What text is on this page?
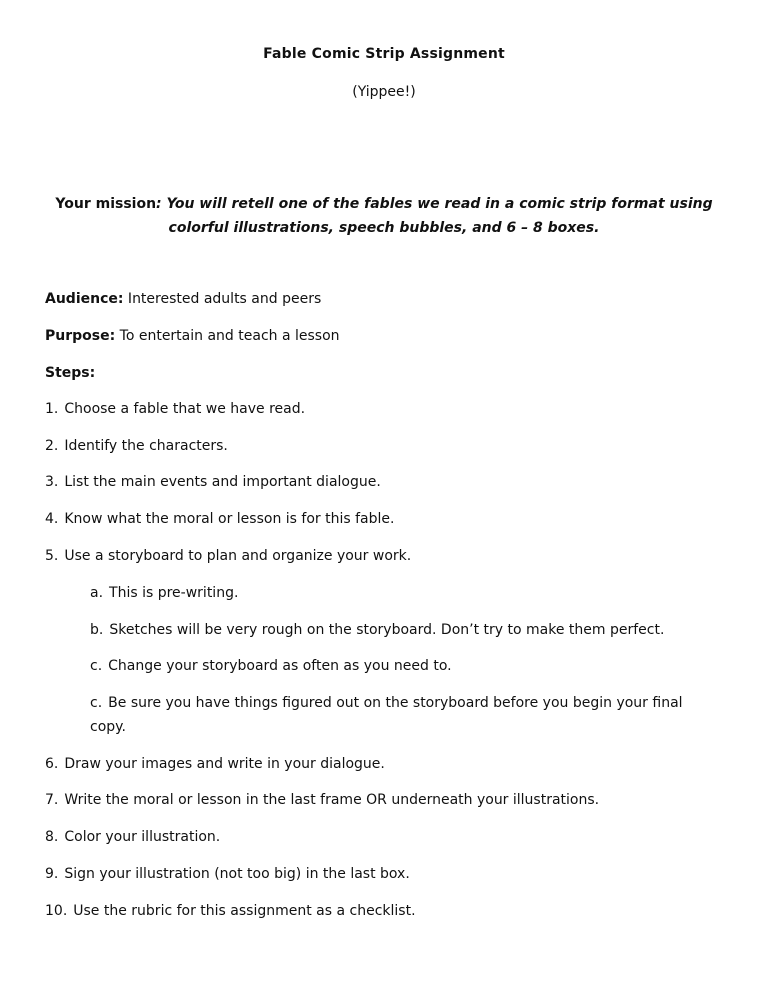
Fable Comic Strip Assignment
(Yippee!)
Your mission: You will retell one of the fables we read in a comic strip format using colorful illustrations, speech bubbles, and 6 – 8 boxes.
Audience: Interested adults and peers
Purpose: To entertain and teach a lesson
Steps:
1. Choose a fable that we have read.
2. Identify the characters.
3. List the main events and important dialogue.
4. Know what the moral or lesson is for this fable.
5. Use a storyboard to plan and organize your work.
a. This is pre-writing.
b. Sketches will be very rough on the storyboard. Don’t try to make them perfect.
c. Change your storyboard as often as you need to.
c. Be sure you have things figured out on the storyboard before you begin your final copy.
6. Draw your images and write in your dialogue.
7. Write the moral or lesson in the last frame OR underneath your illustrations.
8. Color your illustration.
9. Sign your illustration (not too big) in the last box.
10. Use the rubric for this assignment as a checklist.
